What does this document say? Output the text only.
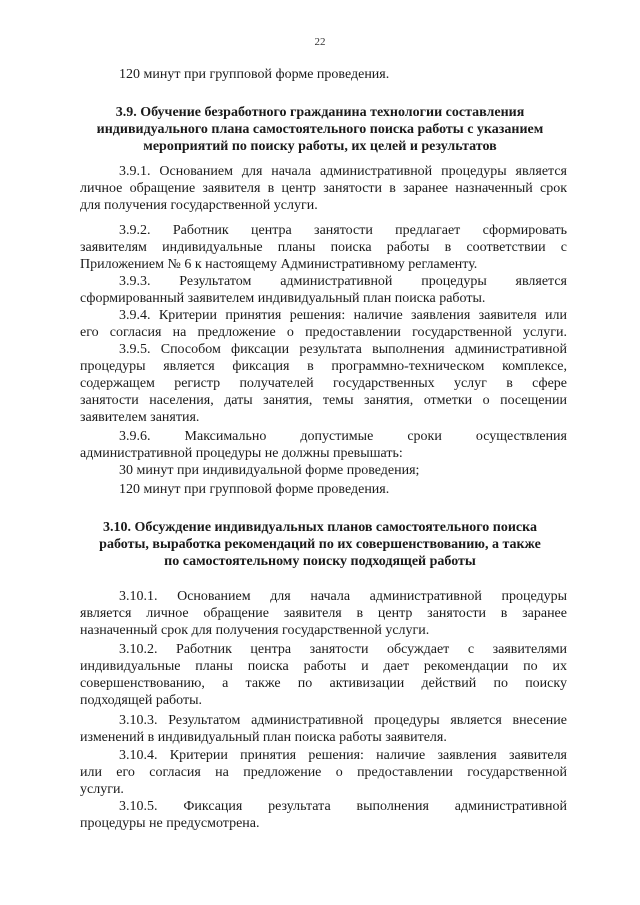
22
120 минут при групповой форме проведения.
3.9. Обучение безработного гражданина технологии составления
индивидуального плана самостоятельного поиска работы с указанием
мероприятий по поиску работы, их целей и результатов
3.9.1. Основанием для начала административной процедуры является
личное обращение заявителя в центр занятости в заранее назначенный срок
для получения государственной услуги.
3.9.2. Работник центра занятости предлагает сформировать
заявителям индивидуальные планы поиска работы в соответствии с
Приложением № 6 к настоящему Административному регламенту.
3.9.3. Результатом административной процедуры является
сформированный заявителем индивидуальный план поиска работы.
3.9.4. Критерии принятия решения: наличие заявления заявителя или
его согласия на предложение о предоставлении государственной услуги.
3.9.5. Способом фиксации результата выполнения административной
процедуры является фиксация в программно-техническом комплексе,
содержащем регистр получателей государственных услуг в сфере
занятости населения, даты занятия, темы занятия, отметки о посещении
заявителем занятия.
3.9.6. Максимально допустимые сроки осуществления
административной процедуры не должны превышать:
30 минут при индивидуальной форме проведения;
120 минут при групповой форме проведения.
3.10. Обсуждение индивидуальных планов самостоятельного поиска
работы, выработка рекомендаций по их совершенствованию, а также
по самостоятельному поиску подходящей работы
3.10.1. Основанием для начала административной процедуры
является личное обращение заявителя в центр занятости в заранее
назначенный срок для получения государственной услуги.
3.10.2. Работник центра занятости обсуждает с заявителями
индивидуальные планы поиска работы и дает рекомендации по их
совершенствованию, а также по активизации действий по поиску
подходящей работы.
3.10.3. Результатом административной процедуры является внесение
изменений в индивидуальный план поиска работы заявителя.
3.10.4. Критерии принятия решения: наличие заявления заявителя
или его согласия на предложение о предоставлении государственной
услуги.
3.10.5. Фиксация результата выполнения административной
процедуры не предусмотрена.
